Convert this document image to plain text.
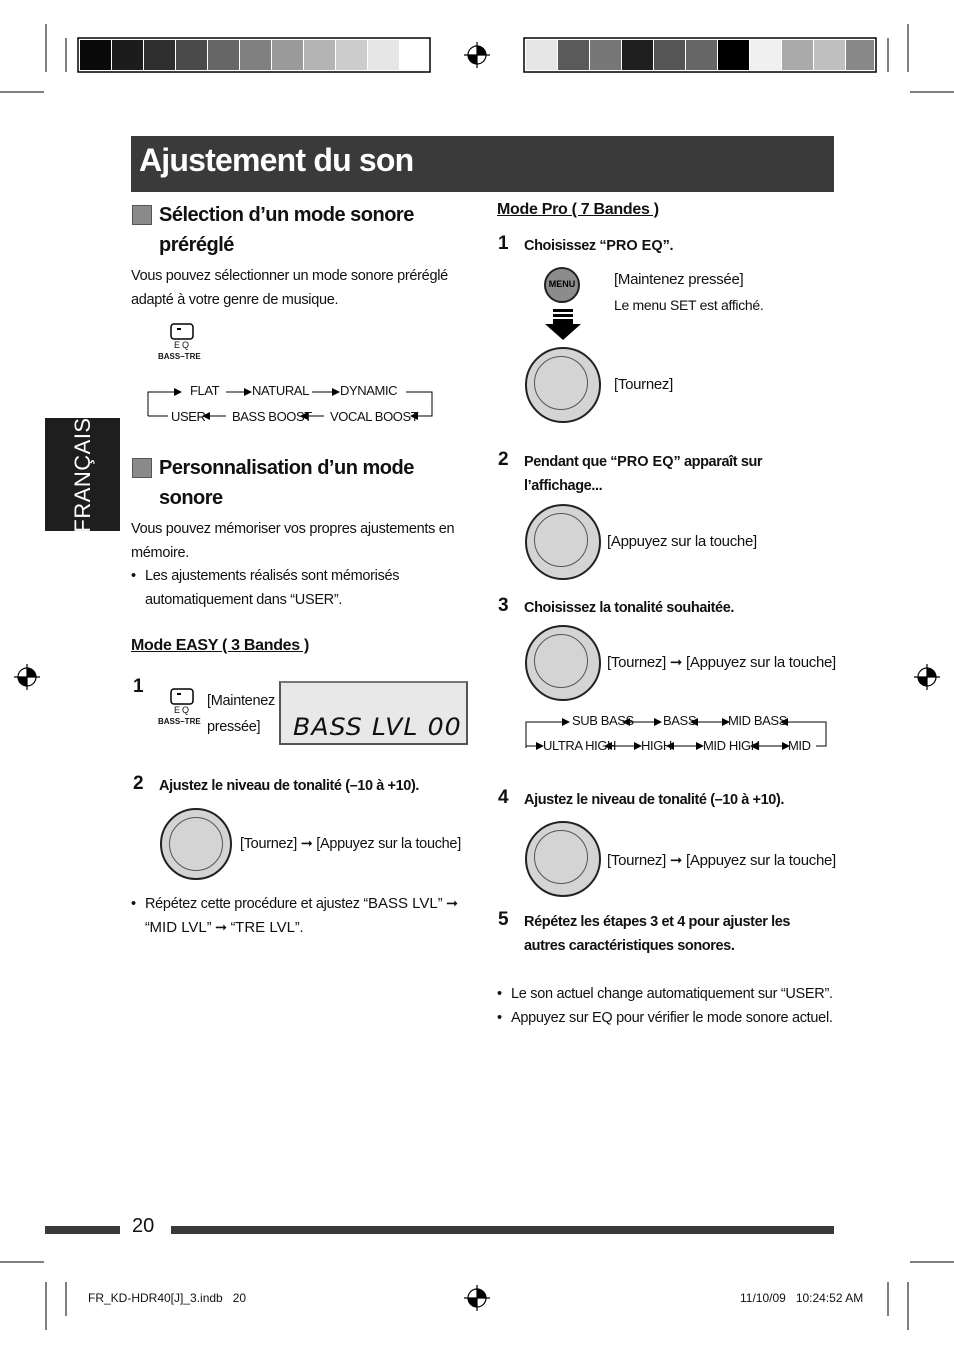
Ajustement du son
FRANÇAIS
Sélection d’un mode sonore
préréglé
Vous pouvez sélectionner un mode sonore préréglé
adapté à votre genre de musique.
EQ
BASS–TRE
FLAT	NATURAL DYNAMIC
USER BASS BOOST VOCAL BOOST
Personnalisation d’un mode
sonore
Vous pouvez mémoriser vos propres ajustements en
mémoire.
• Les ajustements réalisés sont mémorisés
automatiquement dans “USER”.
Mode EASY ( 3 Bandes )
1
EQ
BASS–TRE
[Maintenez
pressée]	BASS LVL 00
2 Ajustez le niveau de tonalité (–10 à +10).
[Tournez] ➞ [Appuyez sur la touche]
• Répétez cette procédure et ajustez “BASS LVL” ➞
“MID LVL” ➞ “TRE LVL”.
Mode Pro ( 7 Bandes )
1 Choisissez “PRO EQ”.
MENU	[Maintenez pressée]
Le menu SET est affiché.
[Tournez]
2 Pendant que “PRO EQ” apparaît sur
l’affichage...
[Appuyez sur la touche]
3 Choisissez la tonalité souhaitée.
[Tournez] ➞ [Appuyez sur la touche]
SUB BASS BASS MID BASS
ULTRA HIGH HIGH MID HIGH MID
4 Ajustez le niveau de tonalité (–10 à +10).
[Tournez] ➞ [Appuyez sur la touche]
5 Répétez les étapes 3 et 4 pour ajuster les
autres caractéristiques sonores.
• Le son actuel change automatiquement sur “USER”.
• Appuyez sur EQ pour vérifier le mode sonore actuel.
20
FR_KD-HDR40[J]_3.indb   20	11/10/09   10:24:52 AM
